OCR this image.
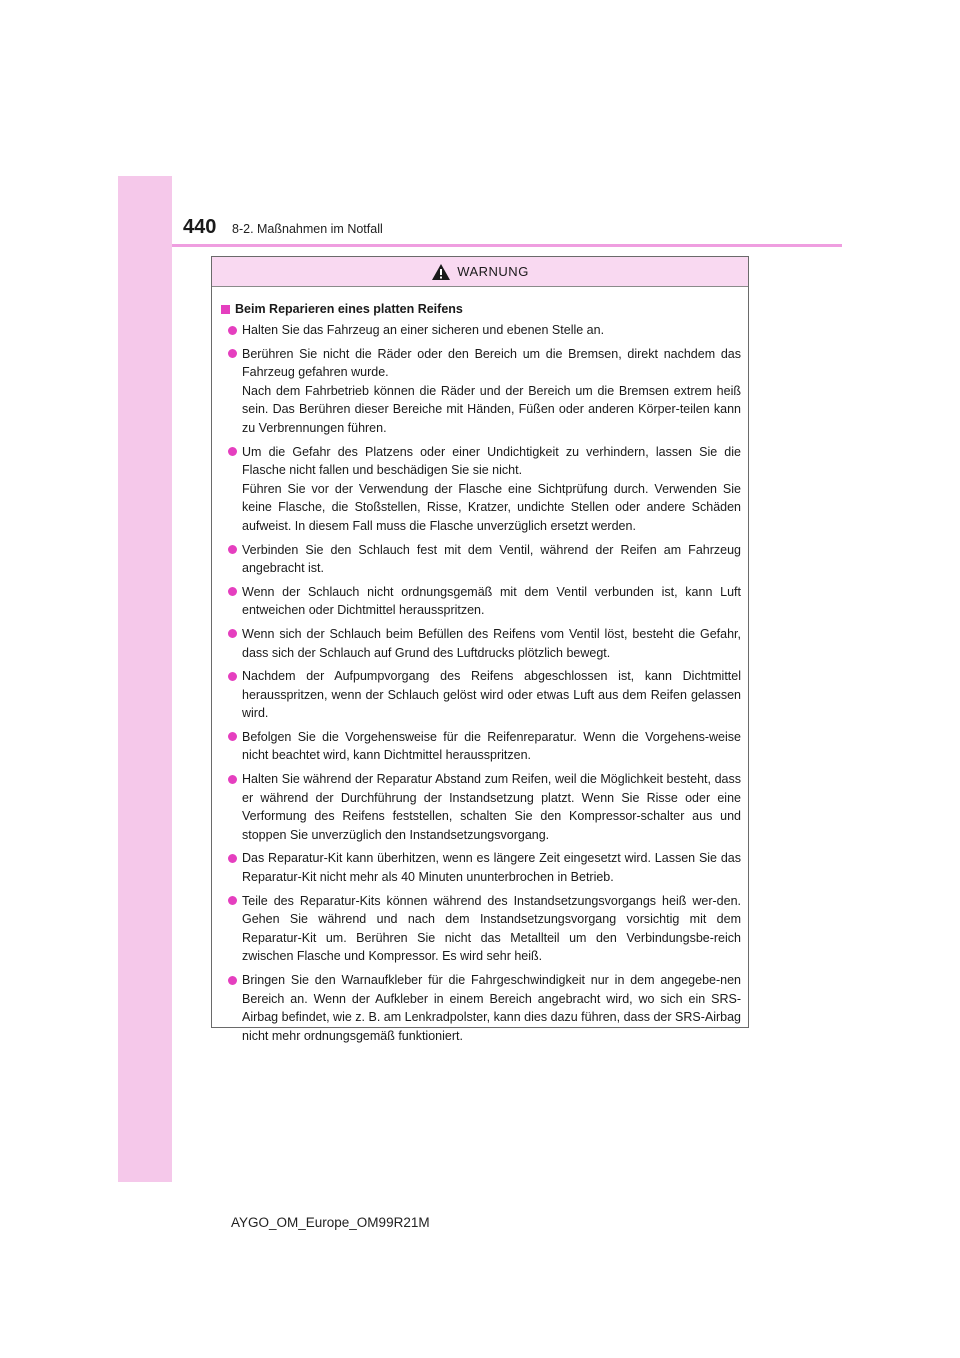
440 8-2. Maßnahmen im Notfall
WARNUNG
Beim Reparieren eines platten Reifens

Halten Sie das Fahrzeug an einer sicheren und ebenen Stelle an.

Berühren Sie nicht die Räder oder den Bereich um die Bremsen, direkt nachdem das Fahrzeug gefahren wurde.

Nach dem Fahrbetrieb können die Räder und der Bereich um die Bremsen extrem heiß sein. Das Berühren dieser Bereiche mit Händen, Füßen oder anderen Körper-teilen kann zu Verbrennungen führen.

Um die Gefahr des Platzens oder einer Undichtigkeit zu verhindern, lassen Sie die Flasche nicht fallen und beschädigen Sie sie nicht.

Führen Sie vor der Verwendung der Flasche eine Sichtprüfung durch. Verwenden Sie keine Flasche, die Stoßstellen, Risse, Kratzer, undichte Stellen oder andere Schäden aufweist. In diesem Fall muss die Flasche unverzüglich ersetzt werden.

Verbinden Sie den Schlauch fest mit dem Ventil, während der Reifen am Fahrzeug angebracht ist.

Wenn der Schlauch nicht ordnungsgemäß mit dem Ventil verbunden ist, kann Luft entweichen oder Dichtmittel herausspritzen.

Wenn sich der Schlauch beim Befüllen des Reifens vom Ventil löst, besteht die Gefahr, dass sich der Schlauch auf Grund des Luftdrucks plötzlich bewegt.

Nachdem der Aufpumpvorgang des Reifens abgeschlossen ist, kann Dichtmittel herausspritzen, wenn der Schlauch gelöst wird oder etwas Luft aus dem Reifen gelassen wird.

Befolgen Sie die Vorgehensweise für die Reifenreparatur. Wenn die Vorgehens-weise nicht beachtet wird, kann Dichtmittel herausspritzen.

Halten Sie während der Reparatur Abstand zum Reifen, weil die Möglichkeit besteht, dass er während der Durchführung der Instandsetzung platzt. Wenn Sie Risse oder eine Verformung des Reifens feststellen, schalten Sie den Kompressor-schalter aus und stoppen Sie unverzüglich den Instandsetzungsvorgang.

Das Reparatur-Kit kann überhitzen, wenn es längere Zeit eingesetzt wird. Lassen Sie das Reparatur-Kit nicht mehr als 40 Minuten ununterbrochen in Betrieb.

Teile des Reparatur-Kits können während des Instandsetzungsvorgangs heiß wer-den. Gehen Sie während und nach dem Instandsetzungsvorgang vorsichtig mit dem Reparatur-Kit um. Berühren Sie nicht das Metallteil um den Verbindungsbe-reich zwischen Flasche und Kompressor. Es wird sehr heiß.

Bringen Sie den Warnaufkleber für die Fahrgeschwindigkeit nur in dem angegebe-nen Bereich an. Wenn der Aufkleber in einem Bereich angebracht wird, wo sich ein SRS-Airbag befindet, wie z. B. am Lenkradpolster, kann dies dazu führen, dass der SRS-Airbag nicht mehr ordnungsgemäß funktioniert.

AYGO_OM_Europe_OM99R21M
